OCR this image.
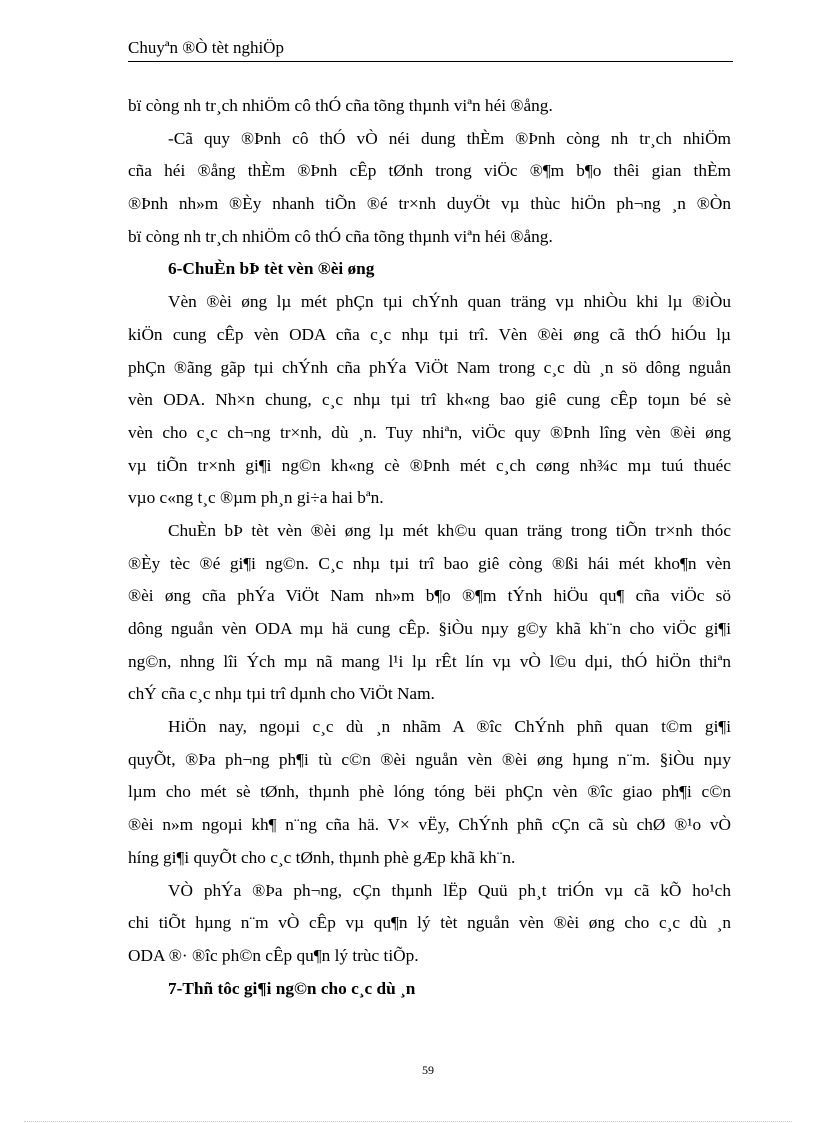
Chuyªn ®Ò tèt nghiÖp
bï còng nh tr¸ch nhiÖm cô thÓ cña tõng thµnh viªn héi ®ång.
-Cã quy ®Þnh cô thÓ vÒ néi dung thÈm ®Þnh còng nh tr¸ch nhiÖm
cña héi ®ång thÈm ®Þnh cÊp tØnh trong viÖc ®¶m b¶o thêi gian thÈm
®Þnh nh»m ®Èy nhanh tiÕn ®é tr×nh duyÖt vµ thùc hiÖn ph¬ng ¸n ®Òn
bï còng nh tr¸ch nhiÖm cô thÓ cña tõng thµnh viªn héi ®ång.
6-ChuÈn bÞ tèt vèn ®èi øng
Vèn ®èi øng lµ mét phÇn tµi chÝnh quan träng vµ nhiÒu khi lµ ®iÒu
kiÖn cung cÊp vèn ODA cña c¸c nhµ tµi trî. Vèn ®èi øng cã thÓ hiÓu lµ
phÇn ®ãng gãp tµi chÝnh cña phÝa ViÖt Nam trong c¸c dù ¸n sö dông nguån
vèn ODA. Nh×n chung, c¸c nhµ tµi trî kh«ng bao giê cung cÊp toµn bé sè
vèn cho c¸c ch¬ng tr×nh, dù ¸n. Tuy nhiªn, viÖc quy ®Þnh lîng vèn ®èi øng
vµ tiÕn tr×nh gi¶i ng©n kh«ng cè ®Þnh mét c¸ch cøng nh¾c mµ tuú thuéc
vµo c«ng t¸c ®µm ph¸n gi÷a hai bªn.
ChuÈn bÞ tèt vèn ®èi øng lµ mét kh©u quan träng trong tiÕn tr×nh thóc
®Èy tèc ®é gi¶i ng©n. C¸c nhµ tµi trî bao giê còng ®ßi hái mét kho¶n vèn
®èi øng cña phÝa ViÖt Nam nh»m b¶o ®¶m tÝnh hiÖu qu¶ cña viÖc sö
dông nguån vèn ODA mµ hä cung cÊp. §iÒu nµy g©y khã kh¨n cho viÖc gi¶i
ng©n, nhng lîi Ých mµ nã mang l¹i lµ rÊt lín vµ vÒ l©u dµi, thÓ hiÖn thiªn
chÝ cña c¸c nhµ tµi trî dµnh cho ViÖt Nam.
HiÖn nay, ngoµi c¸c dù ¸n nhãm A ®îc ChÝnh phñ quan t©m gi¶i
quyÕt, ®Þa ph¬ng ph¶i tù c©n ®èi nguån vèn ®èi øng hµng n¨m. §iÒu nµy
lµm cho mét sè tØnh, thµnh phè lóng tóng bëi phÇn vèn ®îc giao ph¶i c©n
®èi n»m ngoµi kh¶ n¨ng cña hä. V× vËy, ChÝnh phñ cÇn cã sù chØ ®¹o vÒ
híng gi¶i quyÕt cho c¸c tØnh, thµnh phè gÆp khã kh¨n.
VÒ phÝa ®Þa ph¬ng, cÇn thµnh lËp Quü ph¸t triÓn vµ cã kÕ ho¹ch
chi tiÕt hµng n¨m vÒ cÊp vµ qu¶n lý tèt nguån vèn ®èi øng cho c¸c dù ¸n
ODA ®· ®îc ph©n cÊp qu¶n lý trùc tiÕp.
7-Thñ tôc gi¶i ng©n cho c¸c dù ¸n
59
